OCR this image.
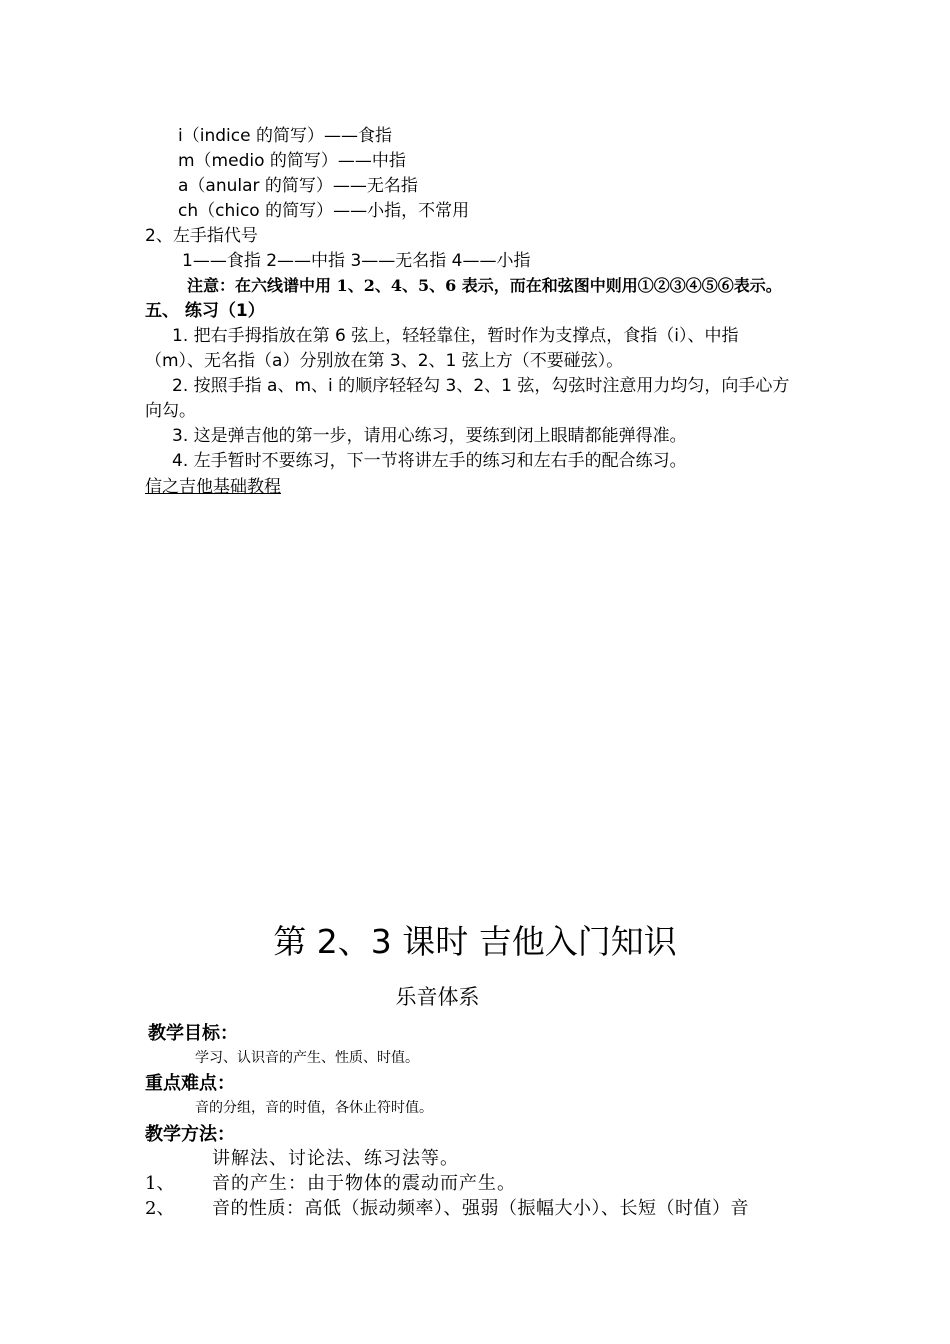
i（indice 的简写）——食指
m（medio 的简写）——中指
a（anular 的简写）——无名指
ch（chico 的简写）——小指，不常用
2、左手指代号
1——食指 2——中指 3——无名指 4——小指
注意：在六线谱中用 1、2、4、5、6 表示，而在和弦图中则用①②③④⑤⑥表示。
五、 练习（1）
1. 把右手拇指放在第 6 弦上，轻轻靠住，暂时作为支撑点，食指（i）、中指
（m）、无名指（a）分别放在第 3、2、1 弦上方（不要碰弦）。
2. 按照手指 a、m、i 的顺序轻轻勾 3、2、1 弦，勾弦时注意用力均匀，向手心方
向勾。
3. 这是弹吉他的第一步，请用心练习，要练到闭上眼睛都能弹得准。
4. 左手暂时不要练习，下一节将讲左手的练习和左右手的配合练习。
信之吉他基础教程
第 2、3 课时 吉他入门知识
乐音体系
教学目标：
学习、认识音的产生、性质、时值。
重点难点：
音的分组，音的时值，各休止符时值。
教学方法：
讲解法、讨论法、练习法等。
1、 音的产生：由于物体的震动而产生。
2、 音的性质：高低（振动频率）、强弱（振幅大小）、长短（时值）音
